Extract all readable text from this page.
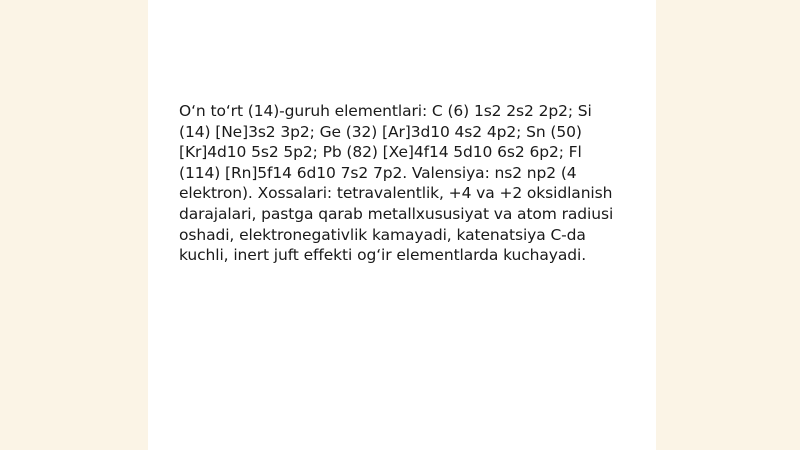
O‘n to‘rt (14)-guruh elementlari: C (6) 1s2 2s2 2p2; Si (14) [Ne]3s2 3p2; Ge (32) [Ar]3d10 4s2 4p2; Sn (50) [Kr]4d10 5s2 5p2; Pb (82) [Xe]4f14 5d10 6s2 6p2; Fl (114) [Rn]5f14 6d10 7s2 7p2. Valensiya: ns2 np2 (4 elektron). Xossalari: tetravalentlik, +4 va +2 oksidlanish darajalari, pastga qarab metallxususiyat va atom radiusi oshadi, elektronegativlik kamayadi, katenatsiya C-da kuchli, inert juft effekti og‘ir elementlarda kuchayadi.
